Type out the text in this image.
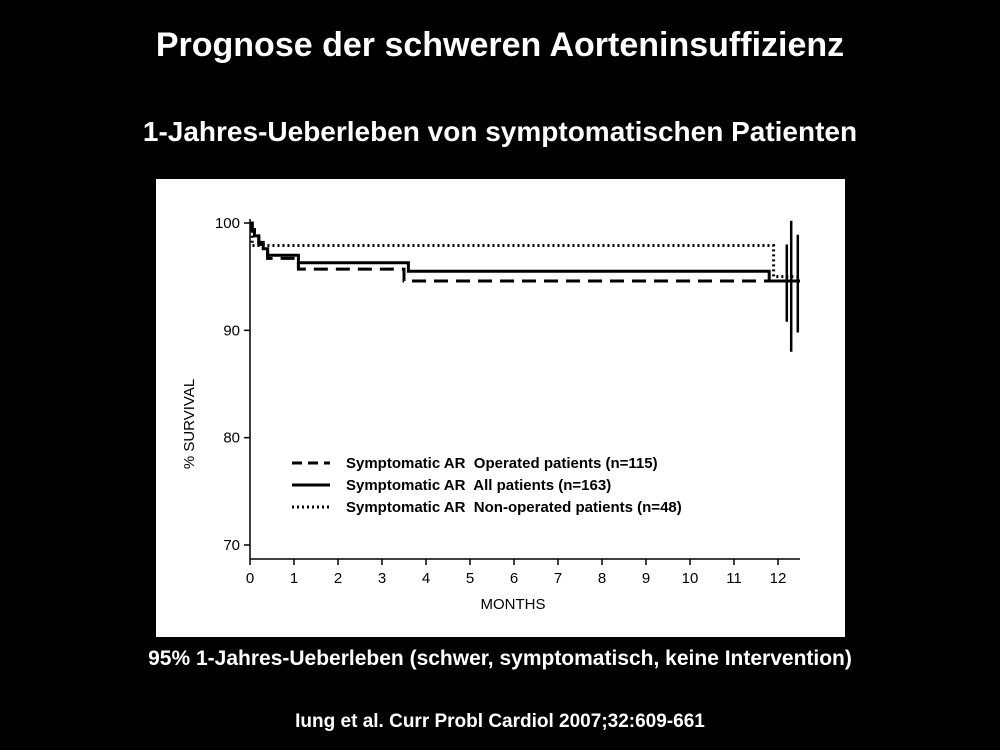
Prognose der schweren Aorteninsuffizienz
1-Jahres-Ueberleben von symptomatischen Patienten
70
80
90
100
0 1 2 3 4 5 6 7 8 9 10 11 12
MONTHS
% SURVIVAL	Symptomatic AR  Operated patients (n=115)
Symptomatic AR  All patients (n=163)
Symptomatic AR  Non-operated patients (n=48)
95% 1-Jahres-Ueberleben (schwer, symptomatisch, keine Intervention)
Iung et al. Curr Probl Cardiol 2007;32:609-661
